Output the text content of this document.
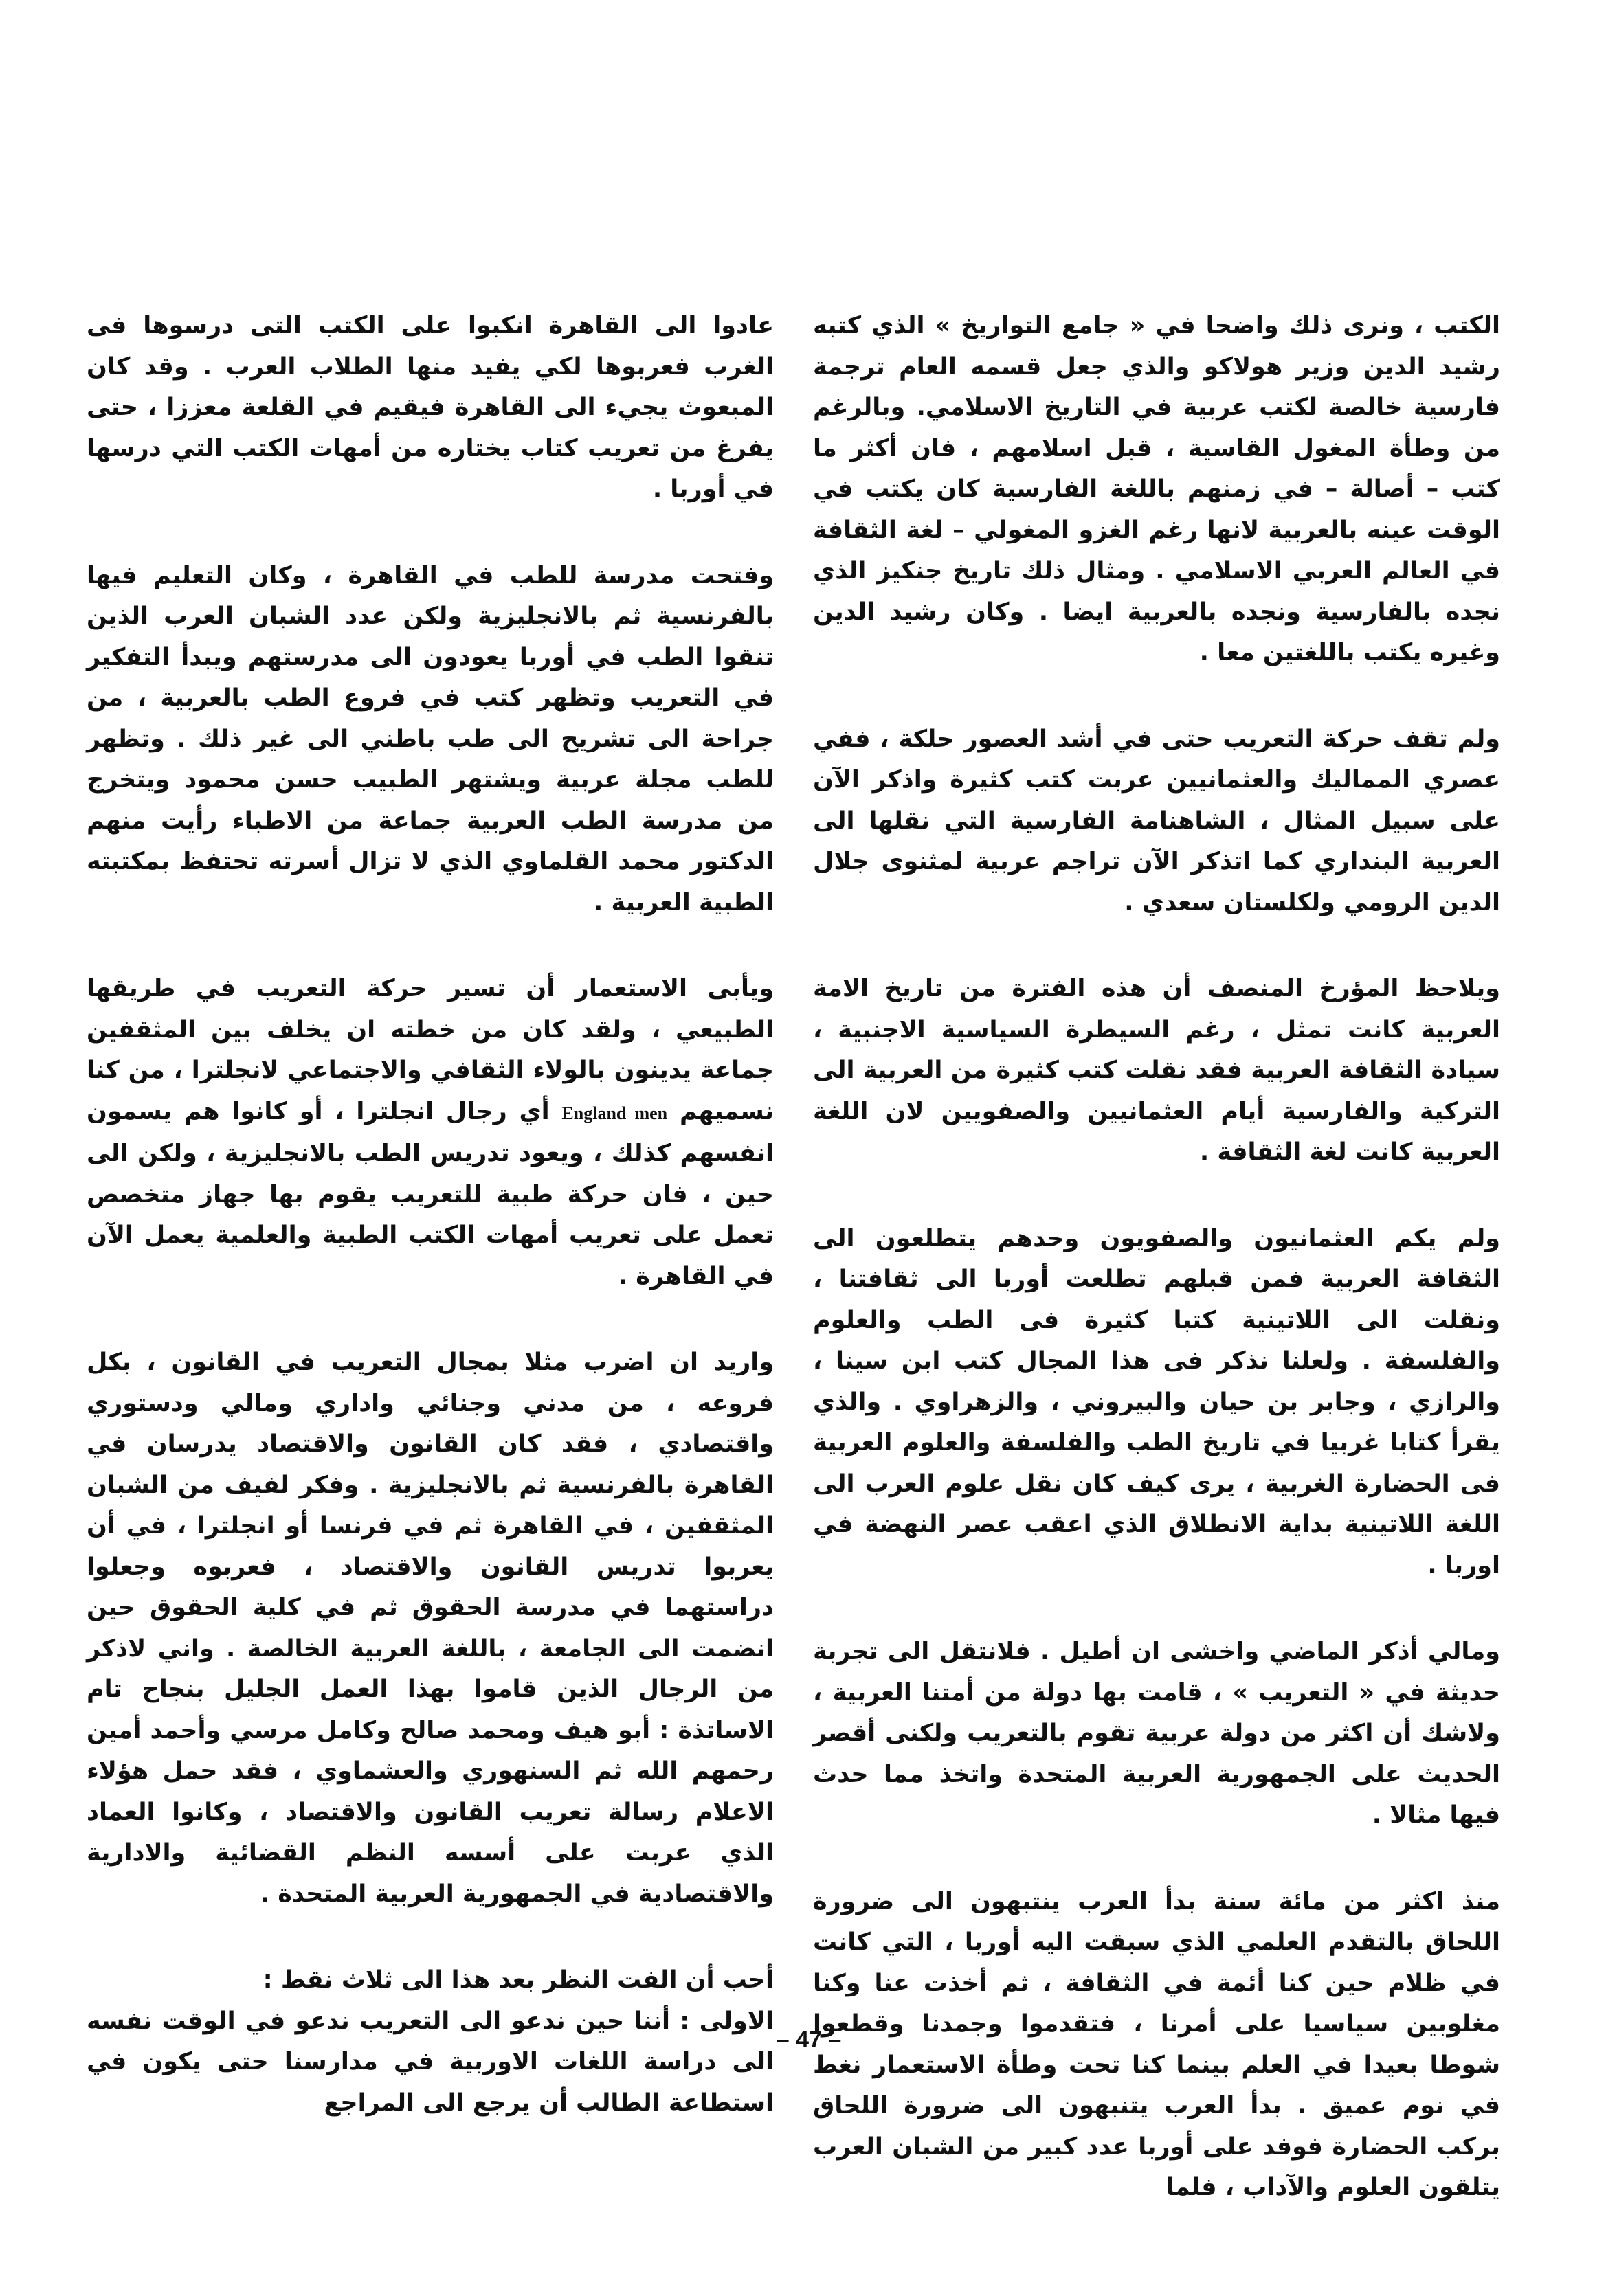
الكتب ، ونرى ذلك واضحا في « جامع التواريخ » الذي كتبه رشيد الدين وزير هولاكو والذي جعل قسمه العام ترجمة فارسية خالصة لكتب عربية في التاريخ الاسلامي. وبالرغم من وطأة المغول القاسية ، قبل اسلامهم ، فان أكثر ما كتب – أصالة – في زمنهم باللغة الفارسية كان يكتب في الوقت عينه بالعربية لانها رغم الغزو المغولي – لغة الثقافة في العالم العربي الاسلامي . ومثال ذلك تاريخ جنكيز الذي نجده بالفارسية ونجده بالعربية ايضا . وكان رشيد الدين وغيره يكتب باللغتين معا .

ولم تقف حركة التعريب حتى في أشد العصور حلكة ، ففي عصري المماليك والعثمانيين عربت كتب كثيرة واذكر الآن على سبيل المثال ، الشاهنامة الفارسية التي نقلها الى العربية البنداري كما اتذكر الآن تراجم عربية لمثنوى جلال الدين الرومي ولكلستان سعدي .

ويلاحظ المؤرخ المنصف أن هذه الفترة من تاريخ الامة العربية كانت تمثل ، رغم السيطرة السياسية الاجنبية ، سيادة الثقافة العربية فقد نقلت كتب كثيرة من العربية الى التركية والفارسية أيام العثمانيين والصفويين لان اللغة العربية كانت لغة الثقافة .

ولم يكم العثمانيون والصفويون وحدهم يتطلعون الى الثقافة العربية فمن قبلهم تطلعت أوربا الى ثقافتنا ، ونقلت الى اللاتينية كتبا كثيرة فى الطب والعلوم والفلسفة . ولعلنا نذكر فى هذا المجال كتب ابن سينا ، والرازي ، وجابر بن حيان والبيروني ، والزهراوي . والذي يقرأ كتابا غربيا في تاريخ الطب والفلسفة والعلوم العربية فى الحضارة الغربية ، يرى كيف كان نقل علوم العرب الى اللغة اللاتينية بداية الانطلاق الذي اعقب عصر النهضة في اوربا .

ومالي أذكر الماضي واخشى ان أطيل . فلانتقل الى تجربة حديثة في « التعريب » ، قامت بها دولة من أمتنا العربية ، ولاشك أن اكثر من دولة عربية تقوم بالتعريب ولكنى أقصر الحديث على الجمهورية العربية المتحدة واتخذ مما حدث فيها مثالا .

منذ اكثر من مائة سنة بدأ العرب ينتبهون الى ضرورة اللحاق بالتقدم العلمي الذي سبقت اليه أوربا ، التي كانت في ظلام حين كنا أئمة في الثقافة ، ثم أخذت عنا وكنا مغلوبين سياسيا على أمرنا ، فتقدموا وجمدنا وقطعوا شوطا بعيدا في العلم بينما كنا تحت وطأة الاستعمار نغط في نوم عميق . بدأ العرب يتنبهون الى ضرورة اللحاق بركب الحضارة فوفد على أوربا عدد كبير من الشبان العرب يتلقون العلوم والآداب ، فلما

عادوا الى القاهرة انكبوا على الكتب التى درسوها فى الغرب فعربوها لكي يفيد منها الطلاب العرب . وقد كان المبعوث يجيء الى القاهرة فيقيم في القلعة معززا ، حتى يفرغ من تعريب كتاب يختاره من أمهات الكتب التي درسها في أوربا .

وفتحت مدرسة للطب في القاهرة ، وكان التعليم فيها بالفرنسية ثم بالانجليزية ولكن عدد الشبان العرب الذين تنقوا الطب في أوربا يعودون الى مدرستهم ويبدأ التفكير في التعريب وتظهر كتب في فروع الطب بالعربية ، من جراحة الى تشريح الى طب باطني الى غير ذلك . وتظهر للطب مجلة عربية ويشتهر الطبيب حسن محمود ويتخرج من مدرسة الطب العربية جماعة من الاطباء رأيت منهم الدكتور محمد القلماوي الذي لا تزال أسرته تحتفظ بمكتبته الطبية العربية .

ويأبى الاستعمار أن تسير حركة التعريب في طريقها الطبيعي ، ولقد كان من خطته ان يخلف بين المثقفين جماعة يدينون بالولاء الثقافي والاجتماعي لانجلترا ، من كنا نسميهم England men أي رجال انجلترا ، أو كانوا هم يسمون انفسهم كذلك ، ويعود تدريس الطب بالانجليزية ، ولكن الى حين ، فان حركة طبية للتعريب يقوم بها جهاز متخصص تعمل على تعريب أمهات الكتب الطبية والعلمية يعمل الآن في القاهرة .

واريد ان اضرب مثلا بمجال التعريب في القانون ، بكل فروعه ، من مدني وجنائي واداري ومالي ودستوري واقتصادي ، فقد كان القانون والاقتصاد يدرسان في القاهرة بالفرنسية ثم بالانجليزية . وفكر لفيف من الشبان المثقفين ، في القاهرة ثم في فرنسا أو انجلترا ، في أن يعربوا تدريس القانون والاقتصاد ، فعربوه وجعلوا دراستهما في مدرسة الحقوق ثم في كلية الحقوق حين انضمت الى الجامعة ، باللغة العربية الخالصة . واني لاذكر من الرجال الذين قاموا بهذا العمل الجليل بنجاح تام الاساتذة : أبو هيف ومحمد صالح وكامل مرسي وأحمد أمين رحمهم الله ثم السنهوري والعشماوي ، فقد حمل هؤلاء الاعلام رسالة تعريب القانون والاقتصاد ، وكانوا العماد الذي عربت على أسسه النظم القضائية والادارية والاقتصادية في الجمهورية العربية المتحدة .

أحب أن الفت النظر بعد هذا الى ثلاث نقط :

الاولى : أننا حين ندعو الى التعريب ندعو في الوقت نفسه الى دراسة اللغات الاوربية في مدارسنا حتى يكون في استطاعة الطالب أن يرجع الى المراجع

– 47 –
